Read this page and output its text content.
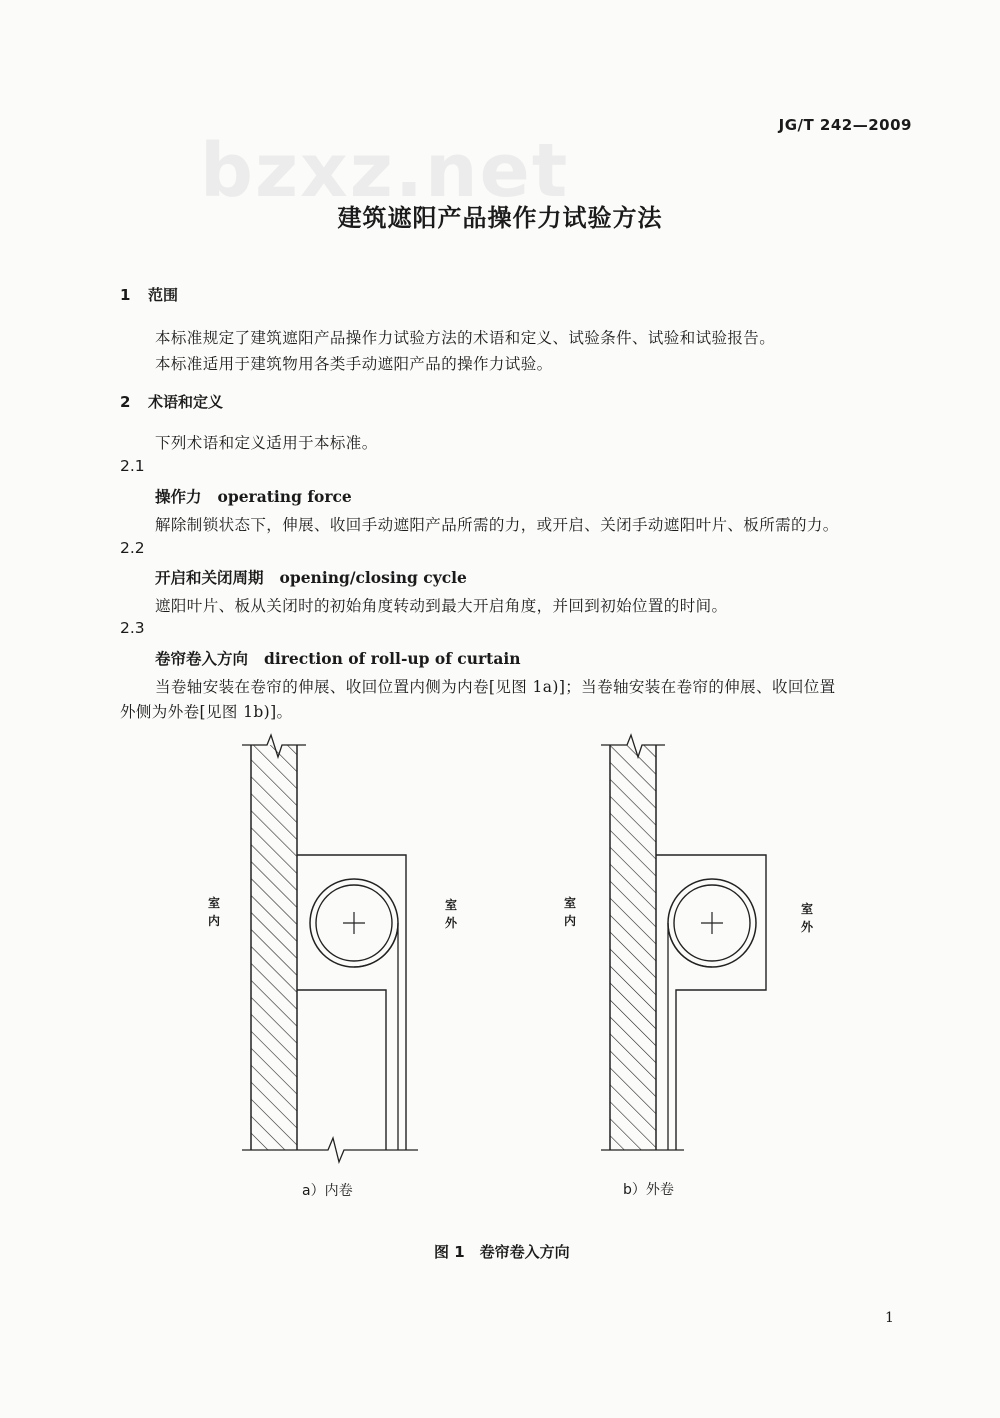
JG/T 242—2009
bzxz.net
建筑遮阳产品操作力试验方法
1 范围
本标准规定了建筑遮阳产品操作力试验方法的术语和定义、试验条件、试验和试验报告。
本标准适用于建筑物用各类手动遮阳产品的操作力试验。
2 术语和定义
下列术语和定义适用于本标准。
2.1
操作力 operating force
解除制锁状态下，伸展、收回手动遮阳产品所需的力，或开启、关闭手动遮阳叶片、板所需的力。
2.2
开启和关闭周期 opening/closing cycle
遮阳叶片、板从关闭时的初始角度转动到最大开启角度，并回到初始位置的时间。
2.3
卷帘卷入方向 direction of roll-up of curtain
当卷轴安装在卷帘的伸展、收回位置内侧为内卷[见图 1a)]；当卷轴安装在卷帘的伸展、收回位置
外侧为外卷[见图 1b)]。
室内
室外
室内
室外
a）内卷	b）外卷
图 1　卷帘卷入方向
1
